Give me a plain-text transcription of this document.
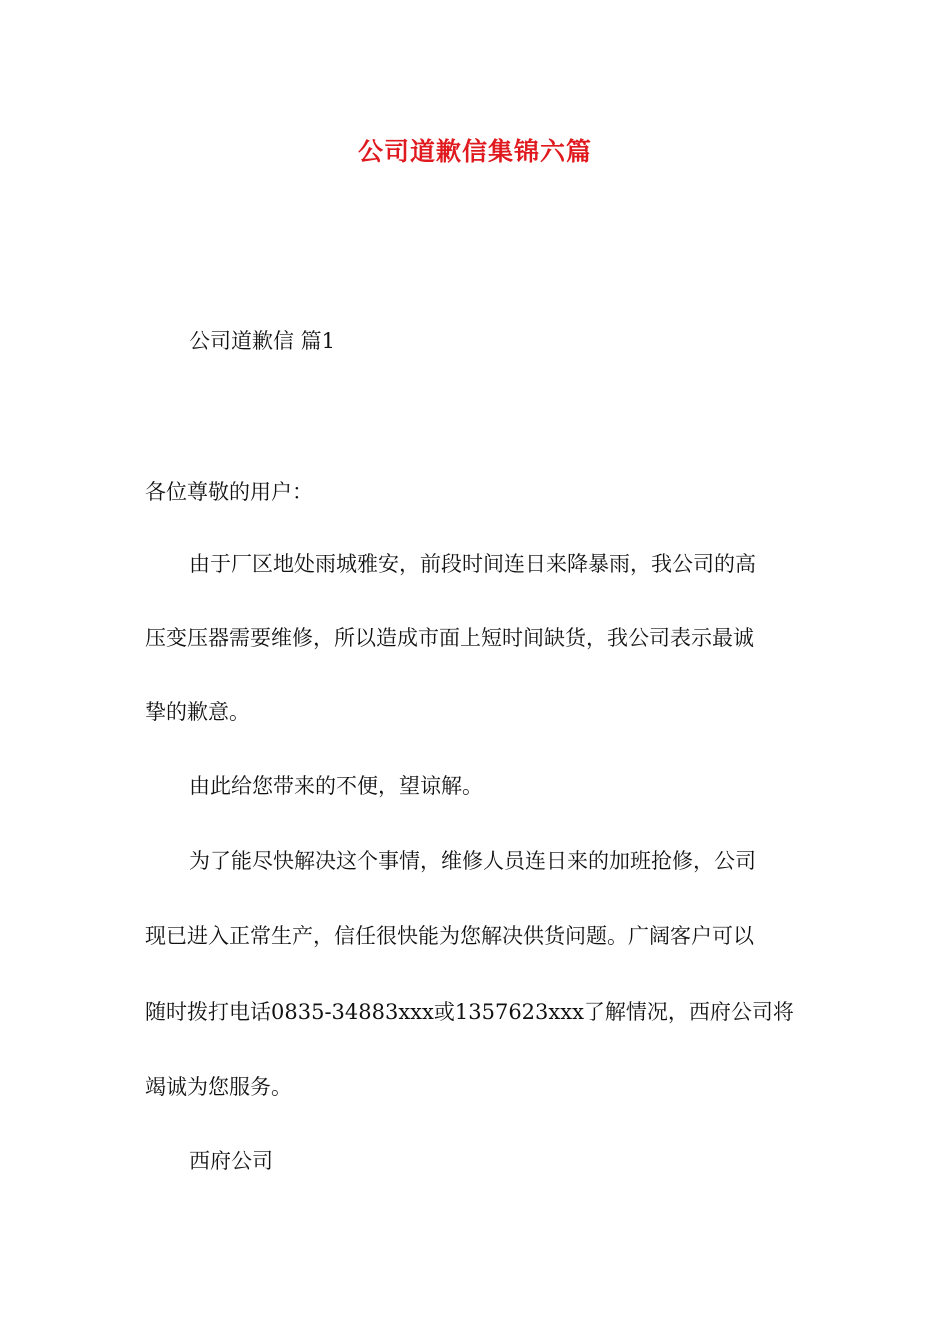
公司道歉信集锦六篇

公司道歉信 篇1

各位尊敬的用户：

由于厂区地处雨城雅安，前段时间连日来降暴雨，我公司的高

压变压器需要维修，所以造成市面上短时间缺货，我公司表示最诚

挚的歉意。

由此给您带来的不便，望谅解。

为了能尽快解决这个事情，维修人员连日来的加班抢修，公司

现已进入正常生产，信任很快能为您解决供货问题。广阔客户可以

随时拨打电话0835-34883xxx或1357623xxx了解情况，西府公司将

竭诚为您服务。

西府公司
